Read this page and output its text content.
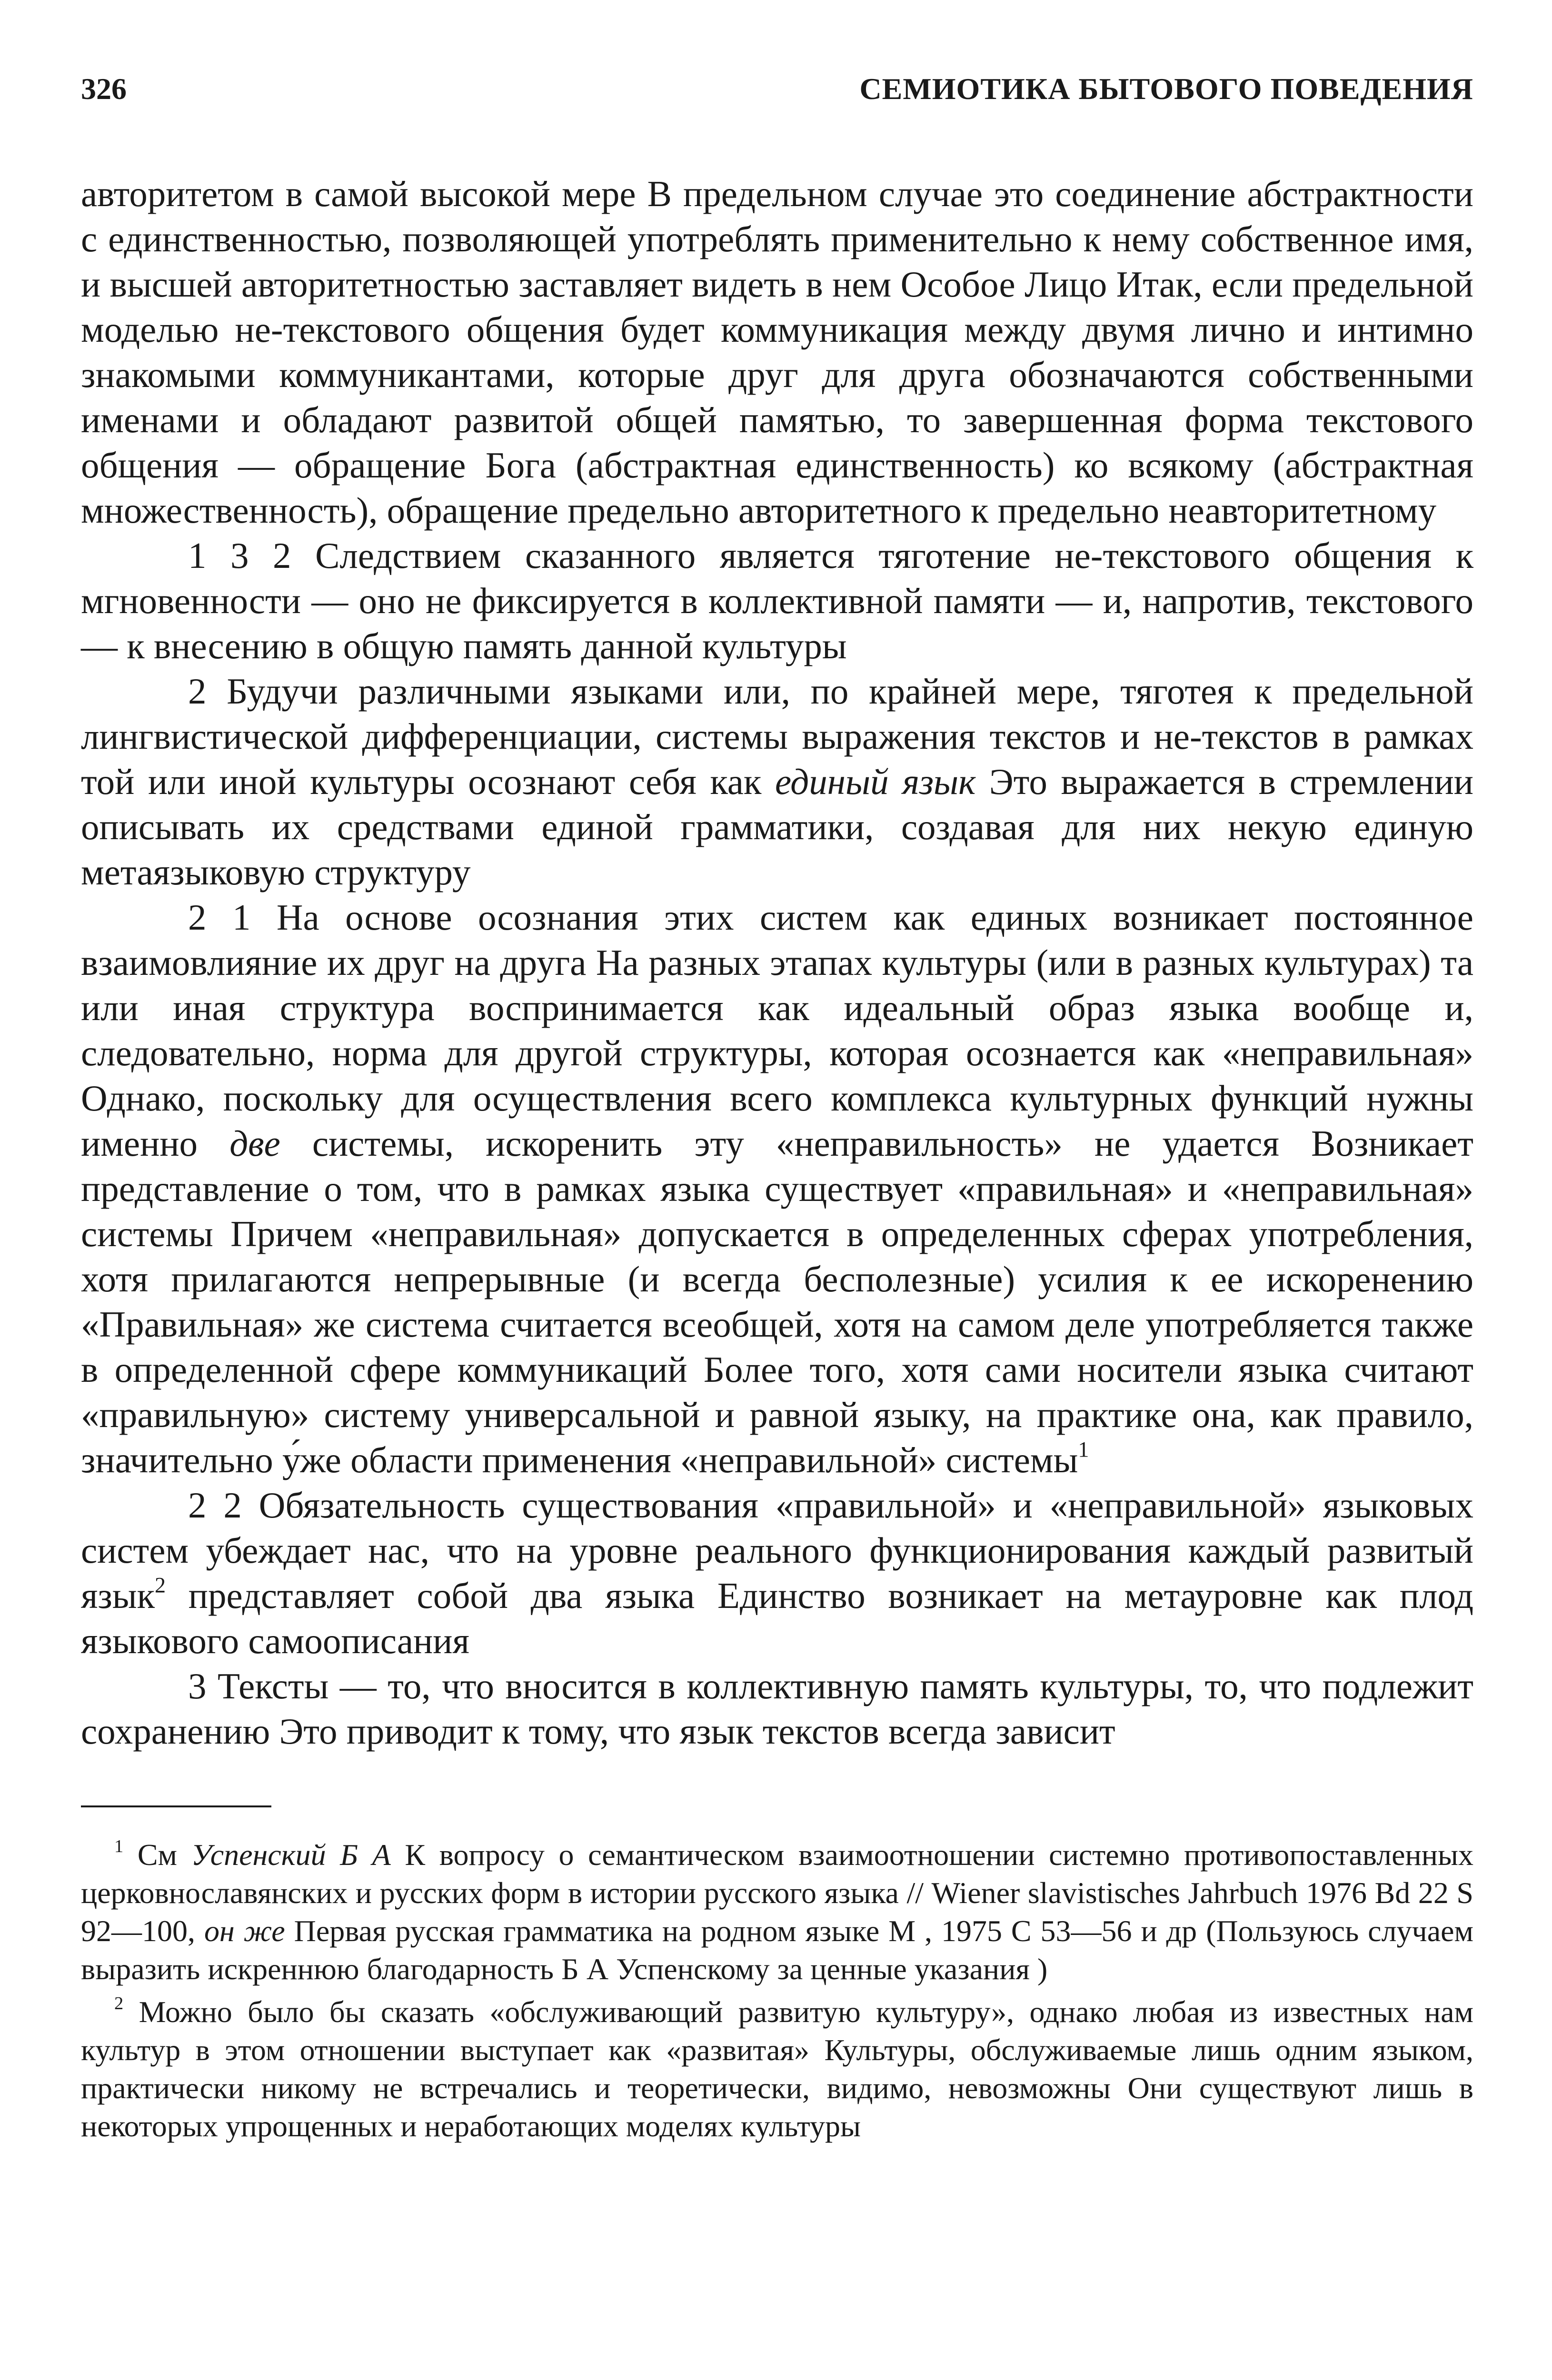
326	СЕМИОТИКА БЫТОВОГО ПОВЕДЕНИЯ

авторитетом в самой высокой мере В предельном случае это соединение абстрактности с единственностью, позволяющей употреблять применительно к нему собственное имя, и высшей авторитетностью заставляет видеть в нем Особое Лицо Итак, если предельной моделью не-текстового общения будет коммуникация между двумя лично и интимно знакомыми коммуникантами, которые друг для друга обозначаются собственными именами и обладают развитой общей памятью, то завершенная форма текстового общения — обращение Бога (абстрактная единственность) ко всякому (абстрактная множественность), обращение предельно авторитетного к предельно неавторитетному

1 3 2 Следствием сказанного является тяготение не-текстового общения к мгновенности — оно не фиксируется в коллективной памяти — и, напротив, текстового — к внесению в общую память данной культуры

2 Будучи различными языками или, по крайней мере, тяготея к предельной лингвистической дифференциации, системы выражения текстов и не-текстов в рамках той или иной культуры осознают себя как единый язык Это выражается в стремлении описывать их средствами единой грамматики, создавая для них некую единую метаязыковую структуру

2 1 На основе осознания этих систем как единых возникает постоянное взаимовлияние их друг на друга На разных этапах культуры (или в разных культурах) та или иная структура воспринимается как идеальный образ языка вообще и, следовательно, норма для другой структуры, которая осознается как «неправильная» Однако, поскольку для осуществления всего комплекса культурных функций нужны именно две системы, искоренить эту «неправильность» не удается Возникает представление о том, что в рамках языка существует «правильная» и «неправильная» системы Причем «неправильная» допускается в определенных сферах употребления, хотя прилагаются непрерывные (и всегда бесполезные) усилия к ее искоренению «Правильная» же система считается всеобщей, хотя на самом деле употребляется также в определенной сфере коммуникаций Более того, хотя сами носители языка считают «правильную» систему универсальной и равной языку, на практике она, как правило, значительно у́же области применения «неправильной» системы$^1$

2 2 Обязательность существования «правильной» и «неправильной» языковых систем убеждает нас, что на уровне реального функционирования каждый развитый язык$^2$ представляет собой два языка Единство возникает на метауровне как плод языкового самоописания

3 Тексты — то, что вносится в коллективную память культуры, то, что подлежит сохранению Это приводит к тому, что язык текстов всегда зависит

$^1$ См Успенский Б А К вопросу о семантическом взаимоотношении системно противопоставленных церковнославянских и русских форм в истории русского языка // Wiener slavistisches Jahrbuch 1976 Bd 22 S 92—100, он же Первая русская грамматика на родном языке М , 1975 С 53—56 и др (Пользуюсь случаем выразить искреннюю благодарность Б А Успенскому за ценные указания )

$^2$ Можно было бы сказать «обслуживающий развитую культуру», однако любая из известных нам культур в этом отношении выступает как «развитая» Культуры, обслуживаемые лишь одним языком, практически никому не встречались и теоретически, видимо, невозможны Они существуют лишь в некоторых упрощенных и неработающих моделях культуры
